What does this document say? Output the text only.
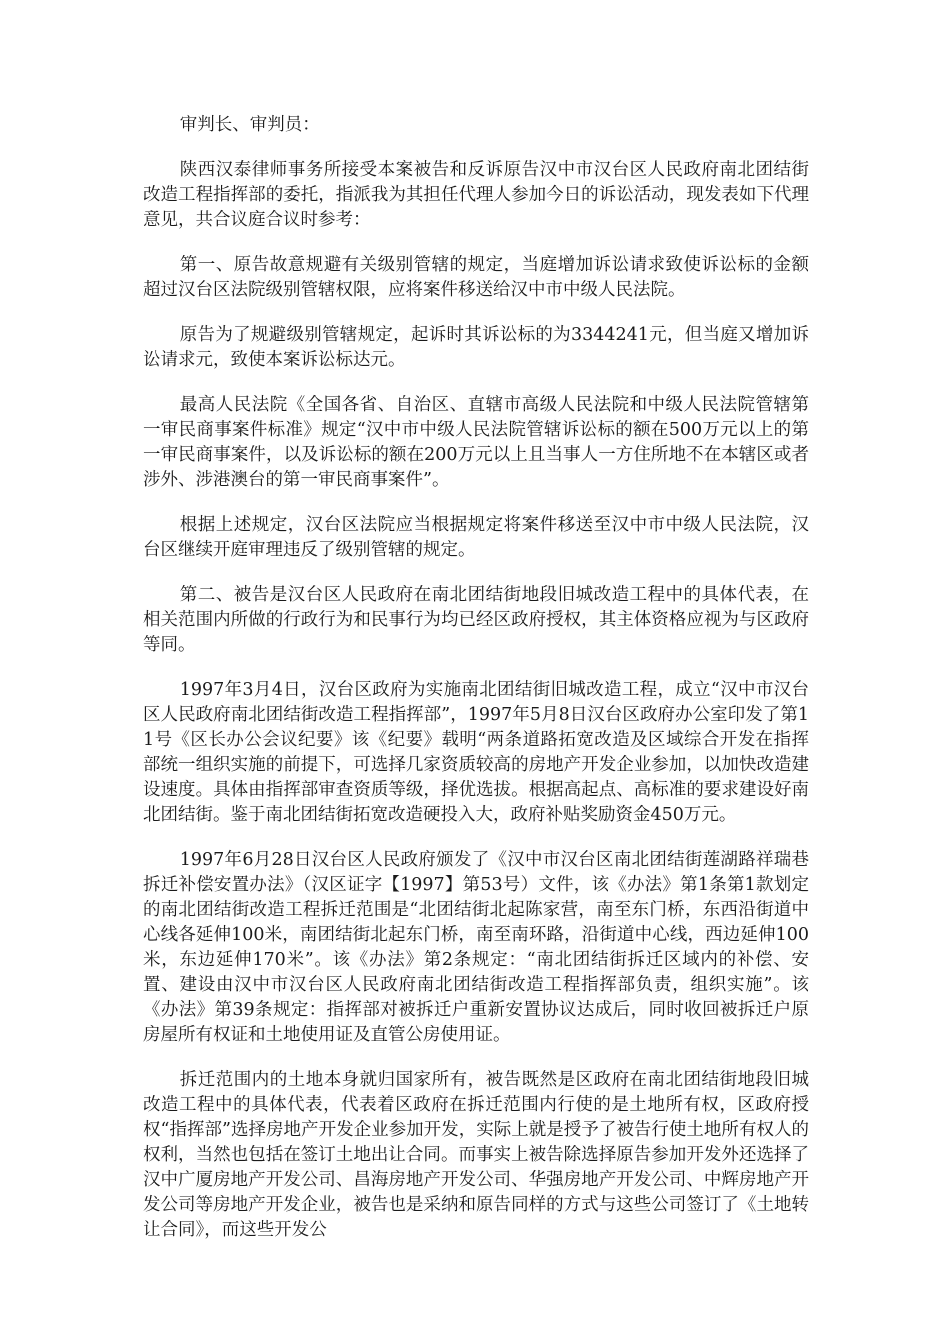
审判长、审判员：

陕西汉泰律师事务所接受本案被告和反诉原告汉中市汉台区人民政府南北团结街改造工程指挥部的委托，指派我为其担任代理人参加今日的诉讼活动，现发表如下代理意见，共合议庭合议时参考：

第一、原告故意规避有关级别管辖的规定，当庭增加诉讼请求致使诉讼标的金额超过汉台区法院级别管辖权限，应将案件移送给汉中市中级人民法院。

原告为了规避级别管辖规定，起诉时其诉讼标的为3344241元，但当庭又增加诉讼请求元，致使本案诉讼标达元。

最高人民法院《全国各省、自治区、直辖市高级人民法院和中级人民法院管辖第一审民商事案件标准》规定“汉中市中级人民法院管辖诉讼标的额在500万元以上的第一审民商事案件，以及诉讼标的额在200万元以上且当事人一方住所地不在本辖区或者涉外、涉港澳台的第一审民商事案件”。

根据上述规定，汉台区法院应当根据规定将案件移送至汉中市中级人民法院，汉台区继续开庭审理违反了级别管辖的规定。

第二、被告是汉台区人民政府在南北团结街地段旧城改造工程中的具体代表，在相关范围内所做的行政行为和民事行为均已经区政府授权，其主体资格应视为与区政府等同。

1997年3月4日，汉台区政府为实施南北团结街旧城改造工程，成立“汉中市汉台区人民政府南北团结街改造工程指挥部”，1997年5月8日汉台区政府办公室印发了第11号《区长办公会议纪要》该《纪要》载明“两条道路拓宽改造及区域综合开发在指挥部统一组织实施的前提下，可选择几家资质较高的房地产开发企业参加，以加快改造建设速度。具体由指挥部审查资质等级，择优选拔。根据高起点、高标准的要求建设好南北团结街。鉴于南北团结街拓宽改造硬投入大，政府补贴奖励资金450万元。

1997年6月28日汉台区人民政府颁发了《汉中市汉台区南北团结街莲湖路祥瑞巷拆迁补偿安置办法》（汉区证字【1997】第53号）文件，该《办法》第1条第1款划定的南北团结街改造工程拆迁范围是“北团结街北起陈家营，南至东门桥，东西沿街道中心线各延伸100米，南团结街北起东门桥，南至南环路，沿街道中心线，西边延伸100米，东边延伸170米”。该《办法》第2条规定：“南北团结街拆迁区域内的补偿、安置、建设由汉中市汉台区人民政府南北团结街改造工程指挥部负责，组织实施”。该《办法》第39条规定：指挥部对被拆迁户重新安置协议达成后，同时收回被拆迁户原房屋所有权证和土地使用证及直管公房使用证。

拆迁范围内的土地本身就归国家所有，被告既然是区政府在南北团结街地段旧城改造工程中的具体代表，代表着区政府在拆迁范围内行使的是土地所有权，区政府授权“指挥部”选择房地产开发企业参加开发，实际上就是授予了被告行使土地所有权人的权利，当然也包括在签订土地出让合同。而事实上被告除选择原告参加开发外还选择了汉中广厦房地产开发公司、昌海房地产开发公司、华强房地产开发公司、中辉房地产开发公司等房地产开发企业，被告也是采纳和原告同样的方式与这些公司签订了《土地转让合同》，而这些开发公
